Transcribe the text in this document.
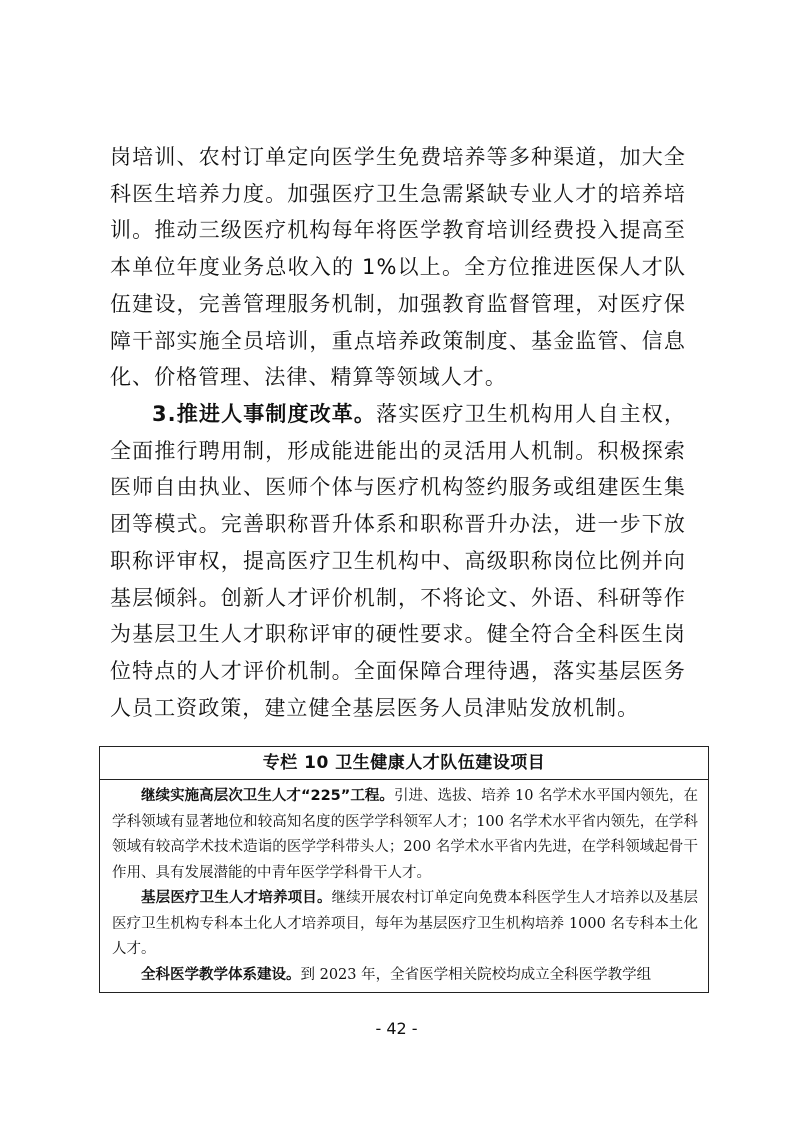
岗培训、农村订单定向医学生免费培养等多种渠道，加大全科医生培养力度。加强医疗卫生急需紧缺专业人才的培养培训。推动三级医疗机构每年将医学教育培训经费投入提高至本单位年度业务总收入的 1%以上。全方位推进医保人才队伍建设，完善管理服务机制，加强教育监督管理，对医疗保障干部实施全员培训，重点培养政策制度、基金监管、信息化、价格管理、法律、精算等领域人才。

3.推进人事制度改革。落实医疗卫生机构用人自主权，全面推行聘用制，形成能进能出的灵活用人机制。积极探索医师自由执业、医师个体与医疗机构签约服务或组建医生集团等模式。完善职称晋升体系和职称晋升办法，进一步下放职称评审权，提高医疗卫生机构中、高级职称岗位比例并向基层倾斜。创新人才评价机制，不将论文、外语、科研等作为基层卫生人才职称评审的硬性要求。健全符合全科医生岗位特点的人才评价机制。全面保障合理待遇，落实基层医务人员工资政策，建立健全基层医务人员津贴发放机制。

专栏 10 卫生健康人才队伍建设项目

继续实施高层次卫生人才“225”工程。引进、选拔、培养 10 名学术水平国内领先，在学科领域有显著地位和较高知名度的医学学科领军人才；100 名学术水平省内领先，在学科领域有较高学术技术造诣的医学学科带头人；200 名学术水平省内先进，在学科领域起骨干作用、具有发展潜能的中青年医学学科骨干人才。

基层医疗卫生人才培养项目。继续开展农村订单定向免费本科医学生人才培养以及基层医疗卫生机构专科本土化人才培养项目，每年为基层医疗卫生机构培养 1000 名专科本土化人才。

全科医学教学体系建设。到 2023 年，全省医学相关院校均成立全科医学教学组

- 42 -
